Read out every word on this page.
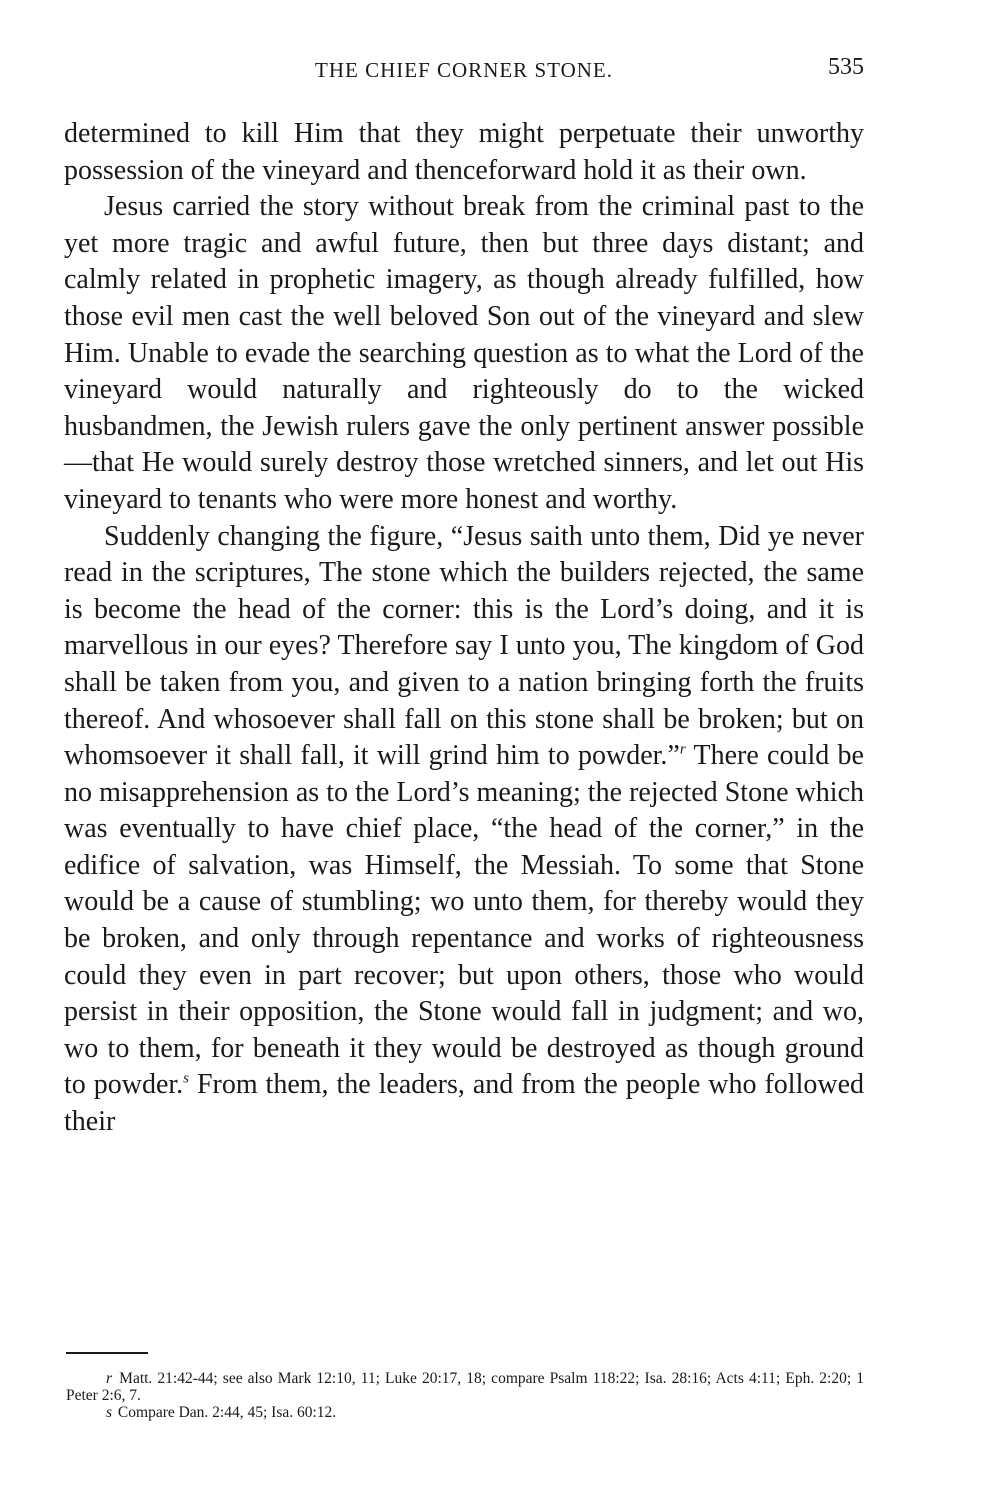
THE CHIEF CORNER STONE.	535

determined to kill Him that they might perpetuate their unworthy possession of the vineyard and thenceforward hold it as their own.

Jesus carried the story without break from the criminal past to the yet more tragic and awful future, then but three days distant; and calmly related in prophetic imagery, as though already fulfilled, how those evil men cast the well beloved Son out of the vineyard and slew Him. Unable to evade the searching question as to what the Lord of the vineyard would naturally and righteously do to the wicked husbandmen, the Jewish rulers gave the only pertinent answer possible—that He would surely destroy those wretched sinners, and let out His vineyard to tenants who were more honest and worthy.

Suddenly changing the figure, “Jesus saith unto them, Did ye never read in the scriptures, The stone which the builders rejected, the same is become the head of the corner: this is the Lord’s doing, and it is marvellous in our eyes? Therefore say I unto you, The kingdom of God shall be taken from you, and given to a nation bringing forth the fruits thereof. And whosoever shall fall on this stone shall be broken; but on whomsoever it shall fall, it will grind him to powder.”$^r$ There could be no misapprehension as to the Lord’s meaning; the rejected Stone which was eventually to have chief place, “the head of the corner,” in the edifice of salvation, was Himself, the Messiah. To some that Stone would be a cause of stumbling; wo unto them, for thereby would they be broken, and only through repentance and works of righteousness could they even in part recover; but upon others, those who would persist in their opposition, the Stone would fall in judgment; and wo, wo to them, for beneath it they would be destroyed as though ground to powder.$^s$ From them, the leaders, and from the people who followed their

r Matt. 21:42-44; see also Mark 12:10, 11; Luke 20:17, 18; compare Psalm 118:22; Isa. 28:16; Acts 4:11; Eph. 2:20; 1 Peter 2:6, 7.

s Compare Dan. 2:44, 45; Isa. 60:12.
